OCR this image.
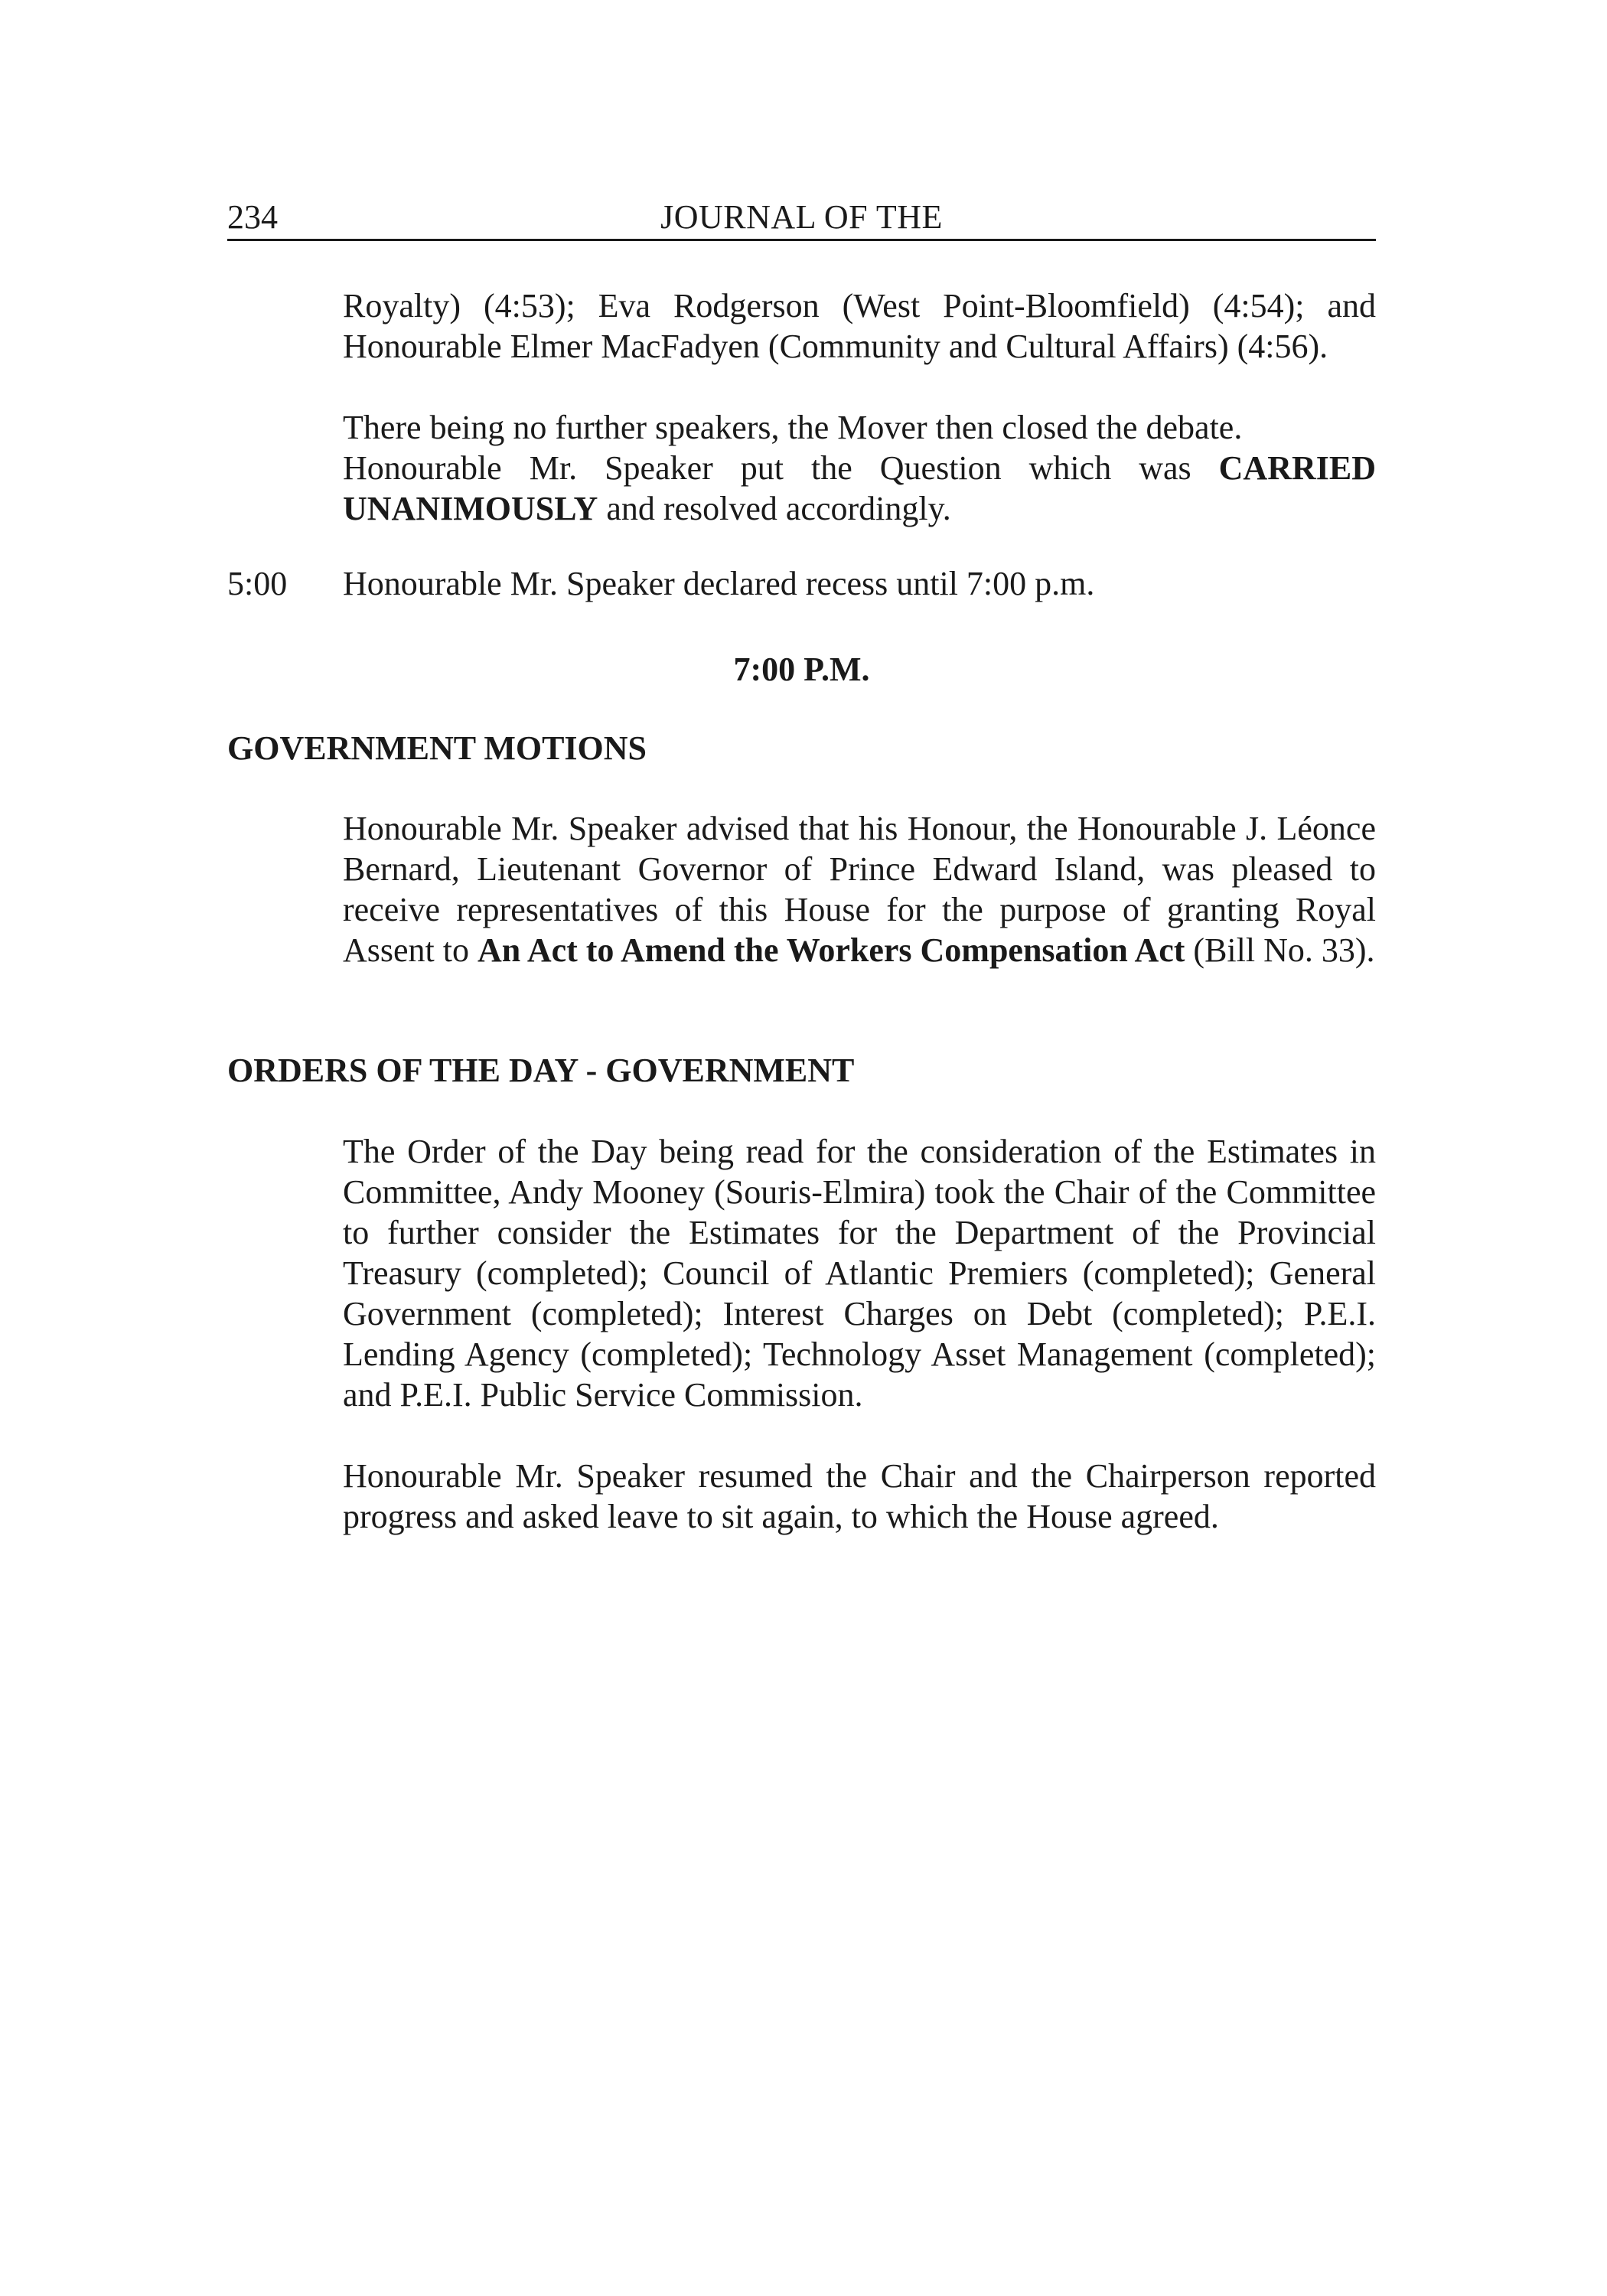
234	JOURNAL OF THE

Royalty) (4:53); Eva Rodgerson (West Point-Bloomfield) (4:54); and Honourable Elmer MacFadyen (Community and Cultural Affairs) (4:56).

There being no further speakers, the Mover then closed the debate.
Honourable Mr. Speaker put the Question which was CARRIED UNANIMOUSLY and resolved accordingly.

5:00 Honourable Mr. Speaker declared recess until 7:00 p.m.
7:00 P.M.
GOVERNMENT MOTIONS

Honourable Mr. Speaker advised that his Honour, the Honourable J. Léonce Bernard, Lieutenant Governor of Prince Edward Island, was pleased to receive representatives of this House for the purpose of granting Royal Assent to An Act to Amend the Workers Compensation Act (Bill No. 33).

ORDERS OF THE DAY - GOVERNMENT

The Order of the Day being read for the consideration of the Estimates in Committee, Andy Mooney (Souris-Elmira) took the Chair of the Committee to further consider the Estimates for the Department of the Provincial Treasury (completed); Council of Atlantic Premiers (completed); General Government (completed); Interest Charges on Debt (completed); P.E.I. Lending Agency (completed); Technology Asset Management (completed); and P.E.I. Public Service Commission.

Honourable Mr. Speaker resumed the Chair and the Chairperson reported progress and asked leave to sit again, to which the House agreed.
